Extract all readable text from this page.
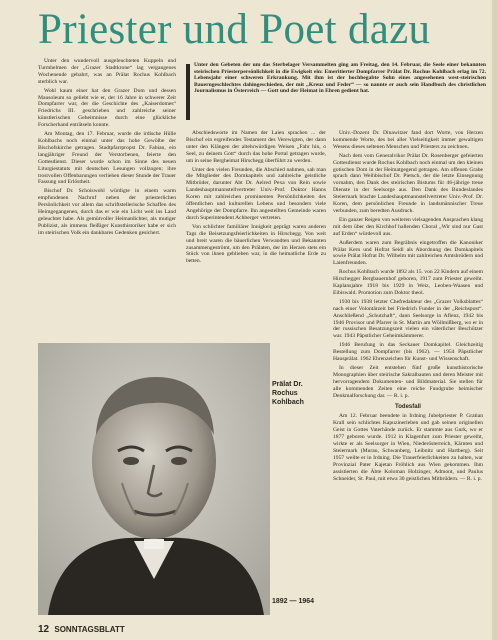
Priester und Poet dazu

Unter den wundervoll ausgeleuchteten Kuppeln und Turmhelmen der „Grazer Stadtkrone“ lag vergangenes Wochenende gebahrt, was an Prälat Rochus Kohlbach sterblich war.

Wohl kaum einer hat den Grazer Dom und dessen Mausoleum so geliebt wie er, der 16 Jahre in schwerer Zeit Dompfarrer war, der die Geschichte des „Kaiserdomes“ Friedrichs III. geschrieben und zahlreiche seiner künstlerischen Geheimnisse durch eine glückliche Forscherhand enträtseln konnte.

Am Montag, den 17. Februar, wurde die irdische Hülle Kohlbachs noch einmal unter das hohe Gewölbe der Bischofskirche getragen. Stadtpfarrpropst Dr. Fabian, ein langjähriger Freund der Verstorbenen, feierte den Gottesdienst. Dieser wurde schon im Sinne des neuen Liturgiestatuts mit deutschen Lesungen vollzogen; ihre trostvollen Offenbarungen verliehen dieser Stunde der Trauer Fassung und Erlöstheit.

Bischof Dr. Schoiswohl würdigte in einem warm empfundenen Nachruf neben der priesterlichen Persönlichkeit vor allem das schriftstellerische Schaffen des Heimgegangenen, durch das er wie ein Licht weit ins Land geleuchtet habe. Als gemütvoller Heimatdichter, als mutiger Publizist, als immens fleißiger Kunsthistoriker habe er sich im steirischen Volk ein dankbares Gedenken gesichert.

Unter den Gebeten der um das Sterbelager Versammelten ging am Freitag, den 14. Februar, die Seele einer bekannten steirischen Priesterpersönlichkeit in die Ewigkeit ein: Emeritierter Dompfarrer Prälat Dr. Rochus Kohlbach erlag im 72. Lebensjahr einer schweren Erkrankung. Mit ihm ist der hochbegabte Sohn eines angesehenen west-steirischen Bauerngeschlechtes dahingeschieden, der mit „Kreuz und Feder“ — so nannte er auch sein Handbuch des christlichen Journalismus in Österreich — Gott und der Heimat in Ehren gedient hat.

Abschiedsworte im Namen der Laien sprachen ... der Bischof ein ergreifendes Testament des Verewigten, der dann unter den Klängen der altehrwürdigen Weisen „Fahr hin, o Seel, zu deinem Gott“ durch das hohe Portal getragen wurde, um in seine Bergheimat Hirschegg überführt zu werden.

Unter den vielen Freunden, die Abschied nahmen, sah man die Mitglieder des Domkapitels und zahlreiche geistliche Mitbrüder, darunter Abt Dr. Aelred Pexa von Rein sowie Landeshauptmannstellvertreter Univ.-Prof. Doktor Hanns Koren mit zahlreichen prominenten Persönlichkeiten des öffentlichen und kulturellen Lebens und besonders viele Angehörige der Dompfarre. Ihn angestellten Gemeinde waren durch Superintendent Achberger vertreten.

Von schlichter familiärer Innigkeit geprägt waren anderen Tags die Beisetzungsfeierlichkeiten in Hirschegg. Von weit und breit waren die bäuerlichen Verwandten und Bekannten zusammengeströmt, um den Prälaten, der im Herzen stets ein Stück von ihnen geblieben war, in die heimatliche Erde zu betten.

Univ.-Dozent Dr. Dinawitzer fand dort Worte, von Herzen kommende Worte, des bei aller Vielseitigkeit immer gewaltigen Wesens dieses seltenen Menschen und Priesters zu zeichnen.

Nach dem vom Generalvikor Prälat Dr. Rosenberger gefeierten Gottesdienst wurde Rochus Kohlbach noch einmal um den kleinen gotischen Dom in der Heimatgegend getragen. Am offenen Grabe sprach dann Weihbischof Dr. Pietsch, der die letzte Einsegnung vornahm, den Dank des steirischen Bistums für 46-jährige treue Dienste in der Seelsorge aus. Den Dank des Bundeslandes Steiermark brachte Landeshauptmannstellvertreter Univ.-Prof. Dr. Koren, dem persönlichen Freunde in landsmännischer Treue verbunden, zum beredten Ausdruck.

Ein ganzer Reigen von weiteren vielsagenden Ansprachen klang mit dem über den Kirchhof hallenden Choral „Wir sind nur Gast auf Erden“ würdevoll aus.

Außerdem waren zum Begräbnis eingetroffen die Kanoniker Prälat Kern und Hofrat Seidl als Abordnung des Domkapitels sowie Prälat Hofrat Dr. Wilhelm mit zahlreichen Amtsbrüdern und Laienfreunden.

Rochus Kohlbach wurde 1892 als 15. von 22 Kindern auf einem Hirschegger Bergbauernhof geboren, 1917 zum Priester geweiht. Kaplansjahre 1918 bis 1929 in Weiz, Leoben-Waasen und Eibiswald. Promotion zum Doktor theol.

1930 bis 1938 letzter Chefredakteur des „Grazer Volksblattes“ nach einer Volontärzeit bei Friedrich Funder in der „Reichspost“. Anschließend „Schutzhaft“, dann Seelsorge in Aflenz, 1942 bis 1946 Provisor und Pfarrer in St. Martin am Wöllmißberg, wo er in der russischen Besatzungszeit vielen ein väterlicher Beschützer war. 1943 Päpstlicher Geheimkämmerer.

1946 Berufung in das Seckauer Domkapitel. Gleichzeitig Bestellung zum Dompfarrer (bis 1962). — 1954 Päpstlicher Hausprälat. 1962 Ehrenzeichen für Kunst- und Wissenschaft.

In dieser Zeit entstehen fünf große kunsthistorische Monographien über steirische Sakralbauten und deren Meister mit hervorragendem Dokumenten- und Bildmaterial. Sie stellen für alle kommenden Zeiten eine reiche Fundgrube heimischer Denkmalforschung dar. — R. i. p.

Todesfall

Am 12. Februar beendete in Irdning Jubelpriester P. Gratian Krall sein schlichtes Kapuzinerleben und gab seinen originellen Geist in Gottes Vaterhände zurück. Er stammte aus Gurk, wo er 1877 geboren wurde. 1912 in Klagenfurt zum Priester geweiht, wirkte er als Seelsorger in Wien, Niederösterreich, Kärnten und Steiermark (Murau, Schwanberg, Leibnitz und Hartberg). Seit 1957 weilte er in Irdning. Die Trauerfeierlichkeiten zu halten, war Provinzial Pater Kajetan Fröhlich aus Wien gekommen. Ihm assistierten die Äbte Koloman Holzinger, Admont, und Paulus Schneider, St. Paul, mit etwa 30 geistlichen Mitbrüdern. — R. i. p.

Prälat Dr. Rochus Kohlbach
1892 — 1964
12 SONNTAGSBLATT
